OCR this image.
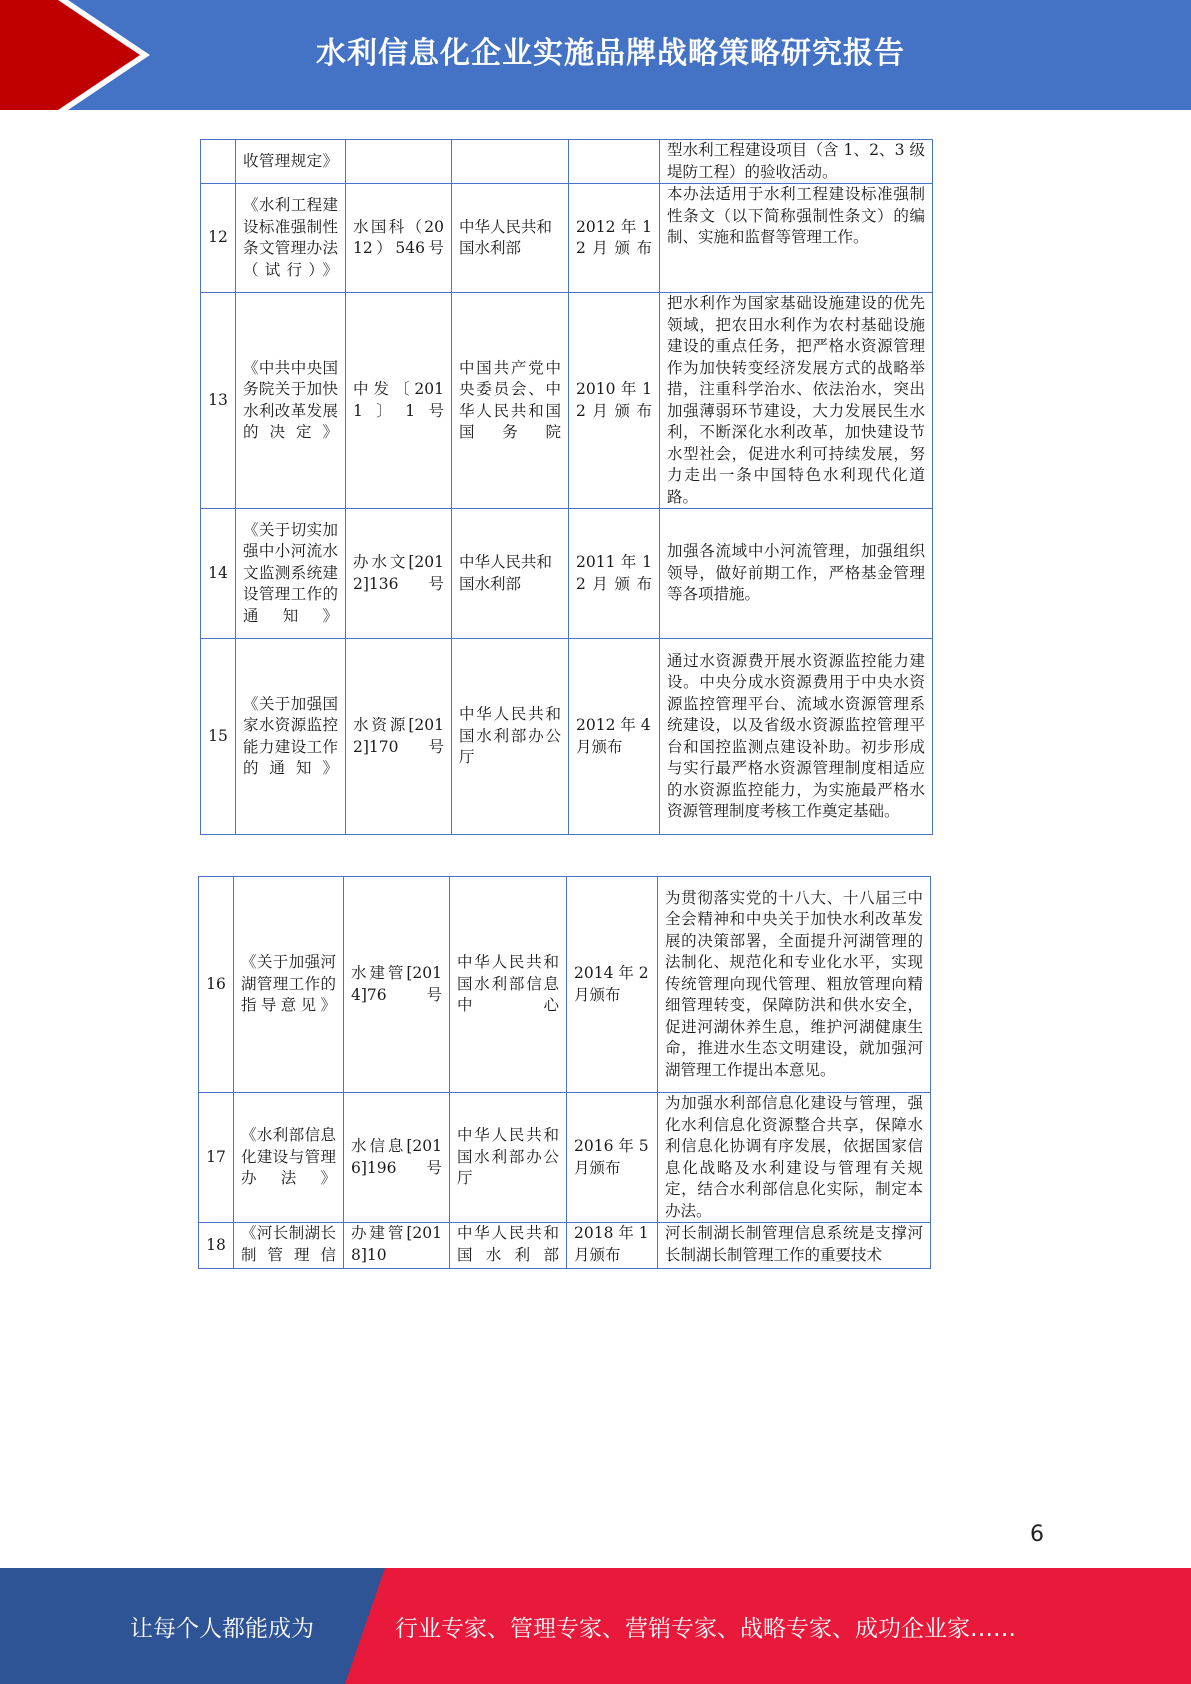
水利信息化企业实施品牌战略策略研究报告
	收管理规定》				型水利工程建设项目（含 1、2、3 级堤防工程）的验收活动。
12	《水利工程建设标准强制性条文管理办法（试行）》	水国科（2012）546号	中华人民共和国水利部	2012 年 12月颁布	本办法适用于水利工程建设标准强制性条文（以下简称强制性条文）的编制、实施和监督等管理工作。
13	《中共中央国务院关于加快水利改革发展的决定》	中发〔2011〕1号	中国共产党中央委员会、中华人民共和国国务院	2010 年 12月颁布	把水利作为国家基础设施建设的优先领域，把农田水利作为农村基础设施建设的重点任务，把严格水资源管理作为加快转变经济发展方式的战略举措，注重科学治水、依法治水，突出加强薄弱环节建设，大力发展民生水利，不断深化水利改革，加快建设节水型社会，促进水利可持续发展，努力走出一条中国特色水利现代化道路。
14	《关于切实加强中小河流水文监测系统建设管理工作的通知》	办水文[2012]136号	中华人民共和国水利部	2011 年 12月颁布	加强各流域中小河流管理，加强组织领导，做好前期工作，严格基金管理等各项措施。
15	《关于加强国家水资源监控能力建设工作的通知》	水资源[2012]170号	中华人民共和国水利部办公厅	2012 年 4 月颁布	通过水资源费开展水资源监控能力建设。中央分成水资源费用于中央水资源监控管理平台、流域水资源管理系统建设，以及省级水资源监控管理平台和国控监测点建设补助。初步形成与实行最严格水资源管理制度相适应的水资源监控能力，为实施最严格水资源管理制度考核工作奠定基础。
16	《关于加强河湖管理工作的指导意见》	水建管[2014]76号	中华人民共和国水利部信息中心	2014 年 2 月颁布	为贯彻落实党的十八大、十八届三中全会精神和中央关于加快水利改革发展的决策部署，全面提升河湖管理的法制化、规范化和专业化水平，实现传统管理向现代管理、粗放管理向精细管理转变，保障防洪和供水安全，促进河湖休养生息，维护河湖健康生命，推进水生态文明建设，就加强河湖管理工作提出本意见。
17	《水利部信息化建设与管理办法》	水信息[2016]196号	中华人民共和国水利部办公厅	2016 年 5 月颁布	为加强水利部信息化建设与管理，强化水利信息化资源整合共享，保障水利信息化协调有序发展，依据国家信息化战略及水利建设与管理有关规定，结合水利部信息化实际，制定本办法。
18	《河长制湖长制管理信	办建管[2018]10	中华人民共和国水利部	2018 年 1 月颁布	河长制湖长制管理信息系统是支撑河长制湖长制管理工作的重要技术
6
让每个人都能成为	行业专家、管理专家、营销专家、战略专家、成功企业家……
